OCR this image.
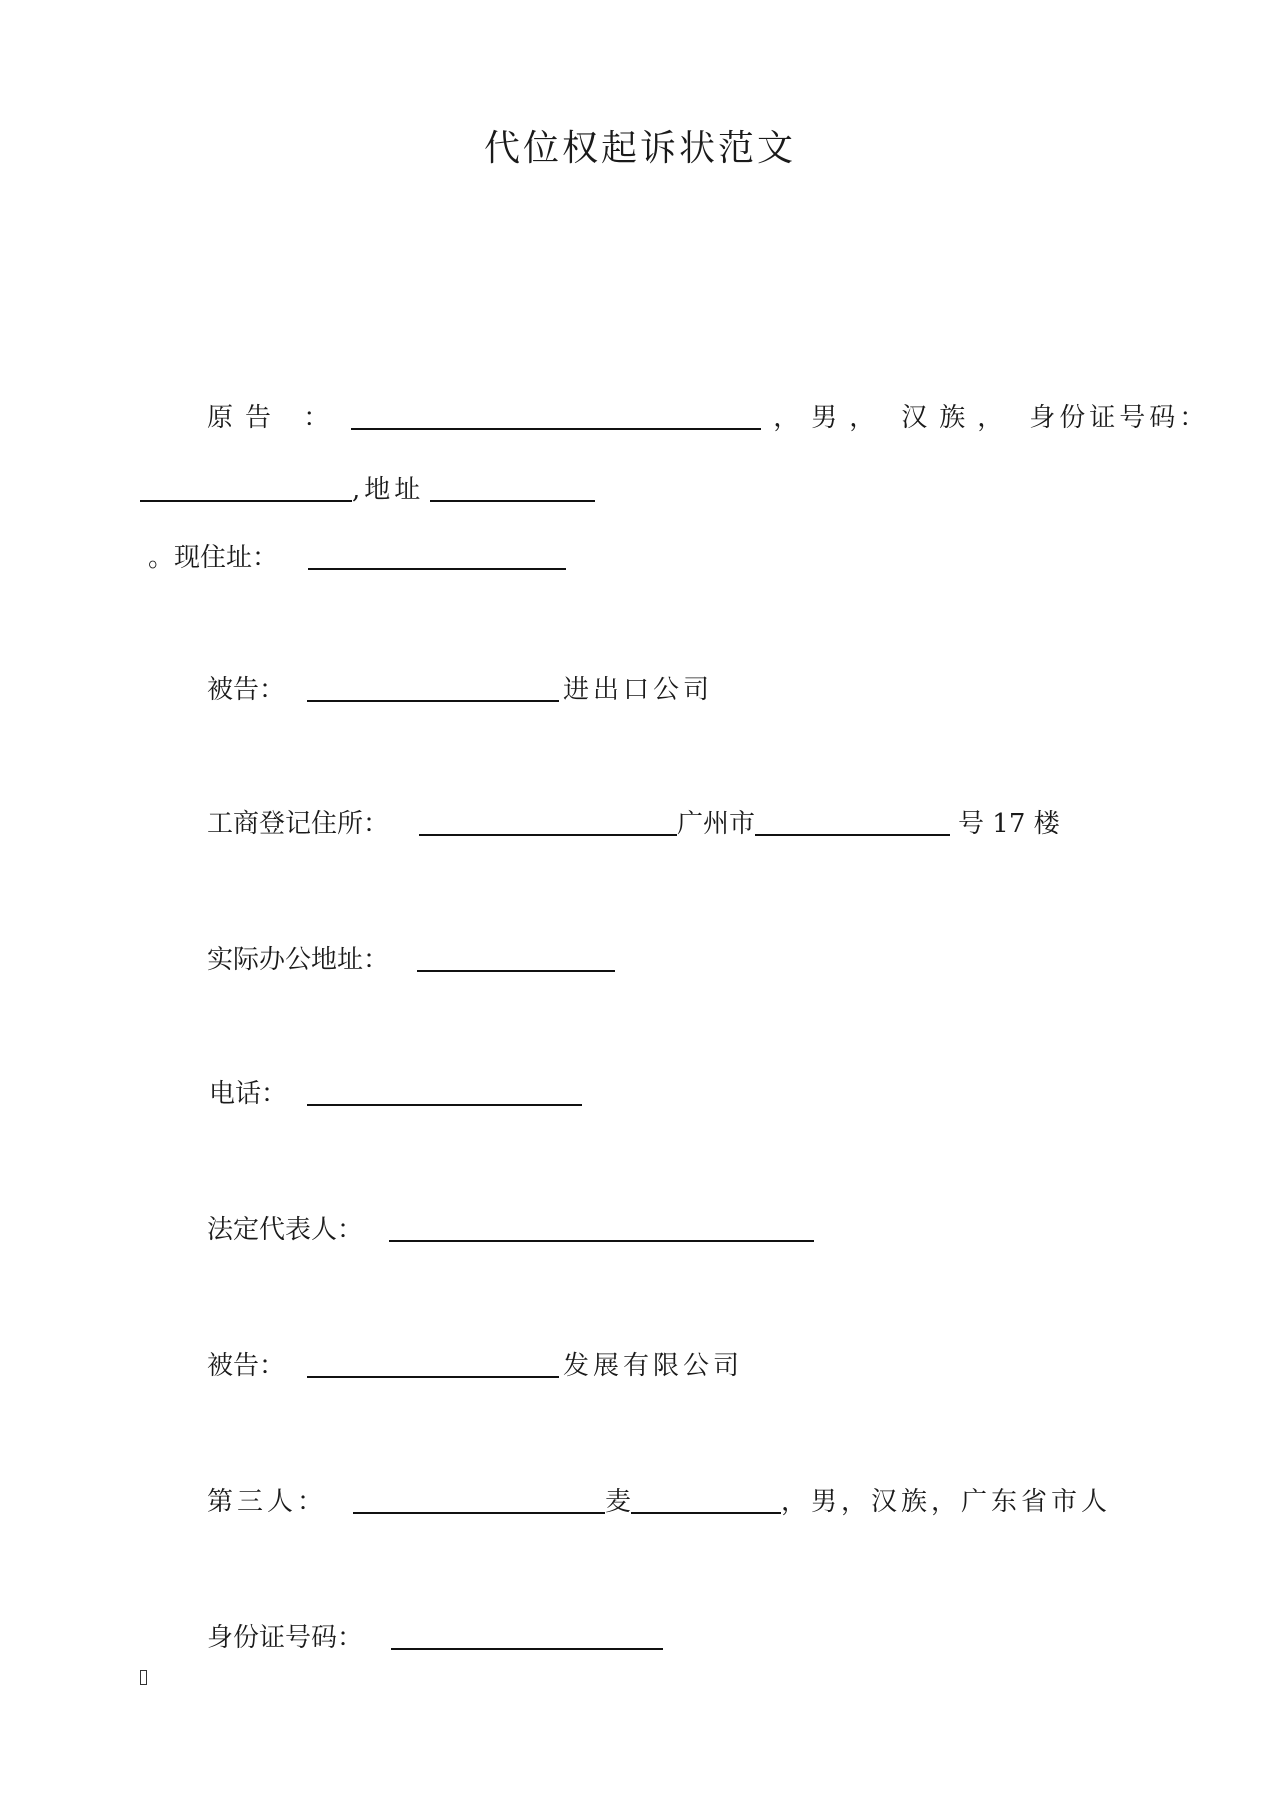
代位权起诉状范文
原告 ：	，男， 汉族， 身份证号码：
,地址
。现住址：
被告：	进出口公司
工商登记住所：	广州市	号 17 楼
实际办公地址：
电话：
法定代表人：
被告：	发展有限公司
第三人：	麦	，男，汉族，广东省市人
身份证号码：
